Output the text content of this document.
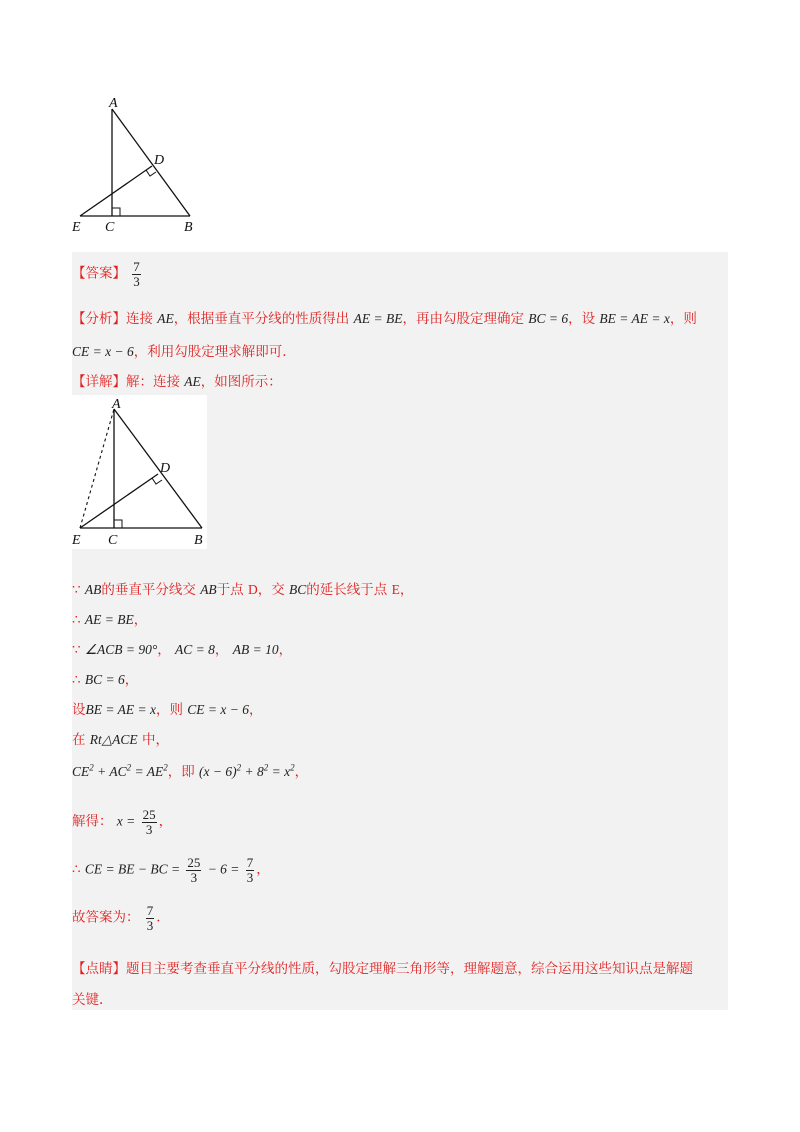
A
D
E C	B
【答案】 $\frac{7}{3}$
【分析】连接 AE，根据垂直平分线的性质得出 AE = BE，再由勾股定理确定 BC = 6，设 BE = AE = x，则
CE = x − 6，利用勾股定理求解即可.
【详解】解：连接 AE，如图所示：
A
D
E C	B
∵ AB的垂直平分线交 AB于点 D，交 BC的延长线于点 E，
∴ AE = BE，
∵ ∠ACB = 90°， AC = 8， AB = 10，
∴ BC = 6，
设BE = AE = x，则 CE = x − 6，
在 Rt△ACE 中，
$CE^2 + AC^2 = AE^2$，即 $(x - 6)^2 + 8^2 = x^2$，
解得： $x = \frac{25}{3}$ ，
∴ CE = BE − BC = $\frac{25}{3} - 6 = \frac{7}{3}$ ，
故答案为： $\frac{7}{3}$ .
【点睛】题目主要考查垂直平分线的性质，勾股定理解三角形等，理解题意，综合运用这些知识点是解题
关键.
